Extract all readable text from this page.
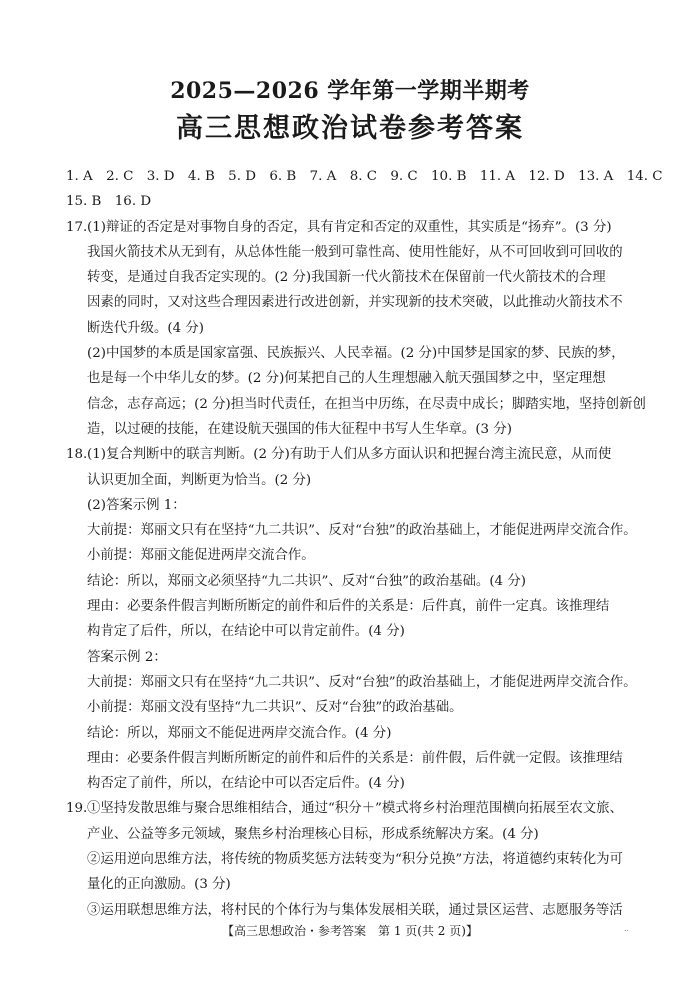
2025—2026 学年第一学期半期考
高三思想政治试卷参考答案
1. A　2. C　3. D　4. B　5. D　6. B　7. A　8. C　9. C　10. B　11. A　12. D　13. A　14. C
15. B　16. D
17.(1)辩证的否定是对事物自身的否定，具有肯定和否定的双重性，其实质是“扬弃”。(3 分)
我国火箭技术从无到有，从总体性能一般到可靠性高、使用性能好，从不可回收到可回收的
转变，是通过自我否定实现的。(2 分)我国新一代火箭技术在保留前一代火箭技术的合理
因素的同时，又对这些合理因素进行改进创新，并实现新的技术突破，以此推动火箭技术不
断迭代升级。(4 分)
(2)中国梦的本质是国家富强、民族振兴、人民幸福。(2 分)中国梦是国家的梦、民族的梦，
也是每一个中华儿女的梦。(2 分)何某把自己的人生理想融入航天强国梦之中，坚定理想
信念，志存高远；(2 分)担当时代责任，在担当中历练，在尽责中成长；脚踏实地，坚持创新创
造，以过硬的技能，在建设航天强国的伟大征程中书写人生华章。(3 分)
18.(1)复合判断中的联言判断。(2 分)有助于人们从多方面认识和把握台湾主流民意，从而使
认识更加全面，判断更为恰当。(2 分)
(2)答案示例 1：
大前提：郑丽文只有在坚持“九二共识”、反对“台独”的政治基础上，才能促进两岸交流合作。
小前提：郑丽文能促进两岸交流合作。
结论：所以，郑丽文必须坚持“九二共识”、反对“台独”的政治基础。(4 分)
理由：必要条件假言判断所断定的前件和后件的关系是：后件真，前件一定真。该推理结
构肯定了后件，所以，在结论中可以肯定前件。(4 分)
答案示例 2：
大前提：郑丽文只有在坚持“九二共识”、反对“台独”的政治基础上，才能促进两岸交流合作。
小前提：郑丽文没有坚持“九二共识”、反对“台独”的政治基础。
结论：所以，郑丽文不能促进两岸交流合作。(4 分)
理由：必要条件假言判断所断定的前件和后件的关系是：前件假，后件就一定假。该推理结
构否定了前件，所以，在结论中可以否定后件。(4 分)
19.①坚持发散思维与聚合思维相结合，通过“积分＋”模式将乡村治理范围横向拓展至农文旅、
产业、公益等多元领域，聚焦乡村治理核心目标，形成系统解决方案。(4 分)
②运用逆向思维方法，将传统的物质奖惩方法转变为“积分兑换”方法，将道德约束转化为可
量化的正向激励。(3 分)
③运用联想思维方法，将村民的个体行为与集体发展相关联，通过景区运营、志愿服务等活
【高三思想政治・参考答案　第 1 页(共 2 页)】	..
